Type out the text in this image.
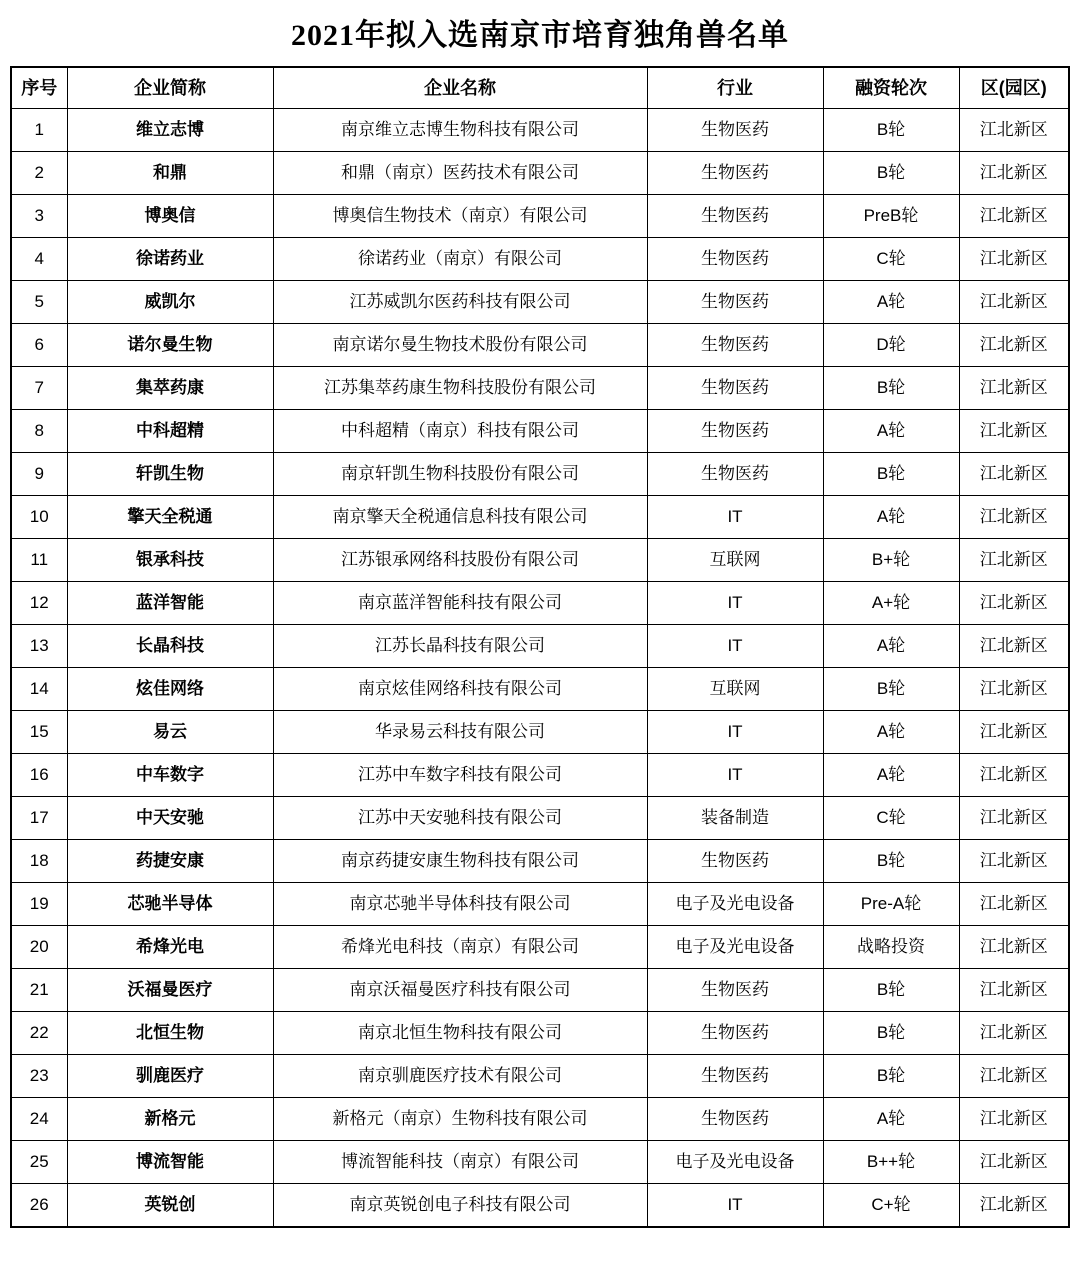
2021年拟入选南京市培育独角兽名单
序号	企业简称	企业名称	行业	融资轮次	区(园区)
1	维立志博	南京维立志博生物科技有限公司	生物医药	B轮	江北新区
2	和鼎	和鼎（南京）医药技术有限公司	生物医药	B轮	江北新区
3	博奥信	博奥信生物技术（南京）有限公司	生物医药	PreB轮	江北新区
4	徐诺药业	徐诺药业（南京）有限公司	生物医药	C轮	江北新区
5	威凯尔	江苏威凯尔医药科技有限公司	生物医药	A轮	江北新区
6	诺尔曼生物	南京诺尔曼生物技术股份有限公司	生物医药	D轮	江北新区
7	集萃药康	江苏集萃药康生物科技股份有限公司	生物医药	B轮	江北新区
8	中科超精	中科超精（南京）科技有限公司	生物医药	A轮	江北新区
9	轩凯生物	南京轩凯生物科技股份有限公司	生物医药	B轮	江北新区
10	擎天全税通	南京擎天全税通信息科技有限公司	IT	A轮	江北新区
11	银承科技	江苏银承网络科技股份有限公司	互联网	B+轮	江北新区
12	蓝洋智能	南京蓝洋智能科技有限公司	IT	A+轮	江北新区
13	长晶科技	江苏长晶科技有限公司	IT	A轮	江北新区
14	炫佳网络	南京炫佳网络科技有限公司	互联网	B轮	江北新区
15	易云	华录易云科技有限公司	IT	A轮	江北新区
16	中车数字	江苏中车数字科技有限公司	IT	A轮	江北新区
17	中天安驰	江苏中天安驰科技有限公司	装备制造	C轮	江北新区
18	药捷安康	南京药捷安康生物科技有限公司	生物医药	B轮	江北新区
19	芯驰半导体	南京芯驰半导体科技有限公司	电子及光电设备	Pre-A轮	江北新区
20	希烽光电	希烽光电科技（南京）有限公司	电子及光电设备	战略投资	江北新区
21	沃福曼医疗	南京沃福曼医疗科技有限公司	生物医药	B轮	江北新区
22	北恒生物	南京北恒生物科技有限公司	生物医药	B轮	江北新区
23	驯鹿医疗	南京驯鹿医疗技术有限公司	生物医药	B轮	江北新区
24	新格元	新格元（南京）生物科技有限公司	生物医药	A轮	江北新区
25	博流智能	博流智能科技（南京）有限公司	电子及光电设备	B++轮	江北新区
26	英锐创	南京英锐创电子科技有限公司	IT	C+轮	江北新区
